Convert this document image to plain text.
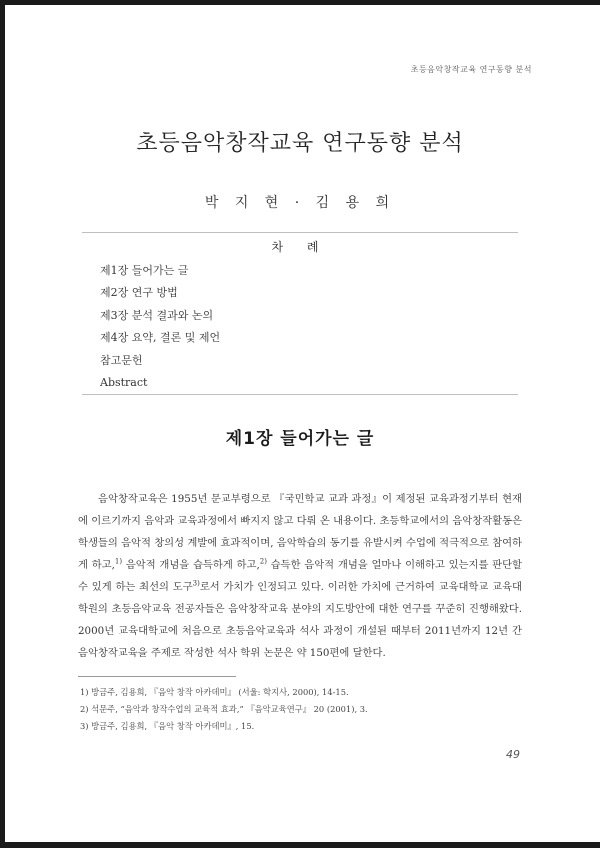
초등음악창작교육 연구동향 분석
초등음악창작교육 연구동향 분석
박 지 현 · 김 용 희
차 례
제1장 들어가는 글
제2장 연구 방법
제3장 분석 결과와 논의
제4장 요약, 결론 및 제언
참고문헌
Abstract
제1장 들어가는 글

음악창작교육은 1955년 문교부령으로 『국민학교 교과 과정』이 제정된 교육과정기부터 현재에 이르기까지 음악과 교육과정에서 빠지지 않고 다뤄 온 내용이다. 초등학교에서의 음악창작활동은 학생들의 음악적 창의성 계발에 효과적이며, 음악학습의 동기를 유발시켜 수업에 적극적으로 참여하게 하고,$^{1)}$ 음악적 개념을 습득하게 하고,$^{2)}$ 습득한 음악적 개념을 얼마나 이해하고 있는지를 판단할 수 있게 하는 최선의 도구$^{3)}$로서 가치가 인정되고 있다. 이러한 가치에 근거하여 교육대학교 교육대학원의 초등음악교육 전공자들은 음악창작교육 분야의 지도방안에 대한 연구를 꾸준히 진행해왔다. 2000년 교육대학교에 처음으로 초등음악교육과 석사 과정이 개설된 때부터 2011년까지 12년 간 음악창작교육을 주제로 작성한 석사 학위 논문은 약 150편에 달한다.

1) 방금주, 김용희, 『음악 창작 아카데미』 (서울: 학지사, 2000), 14-15.
2) 석문주, “음악과 창작수업의 교육적 효과,” 『음악교육연구』 20 (2001), 3.
3) 방금주, 김용희, 『음악 창작 아카데미』, 15.
49
